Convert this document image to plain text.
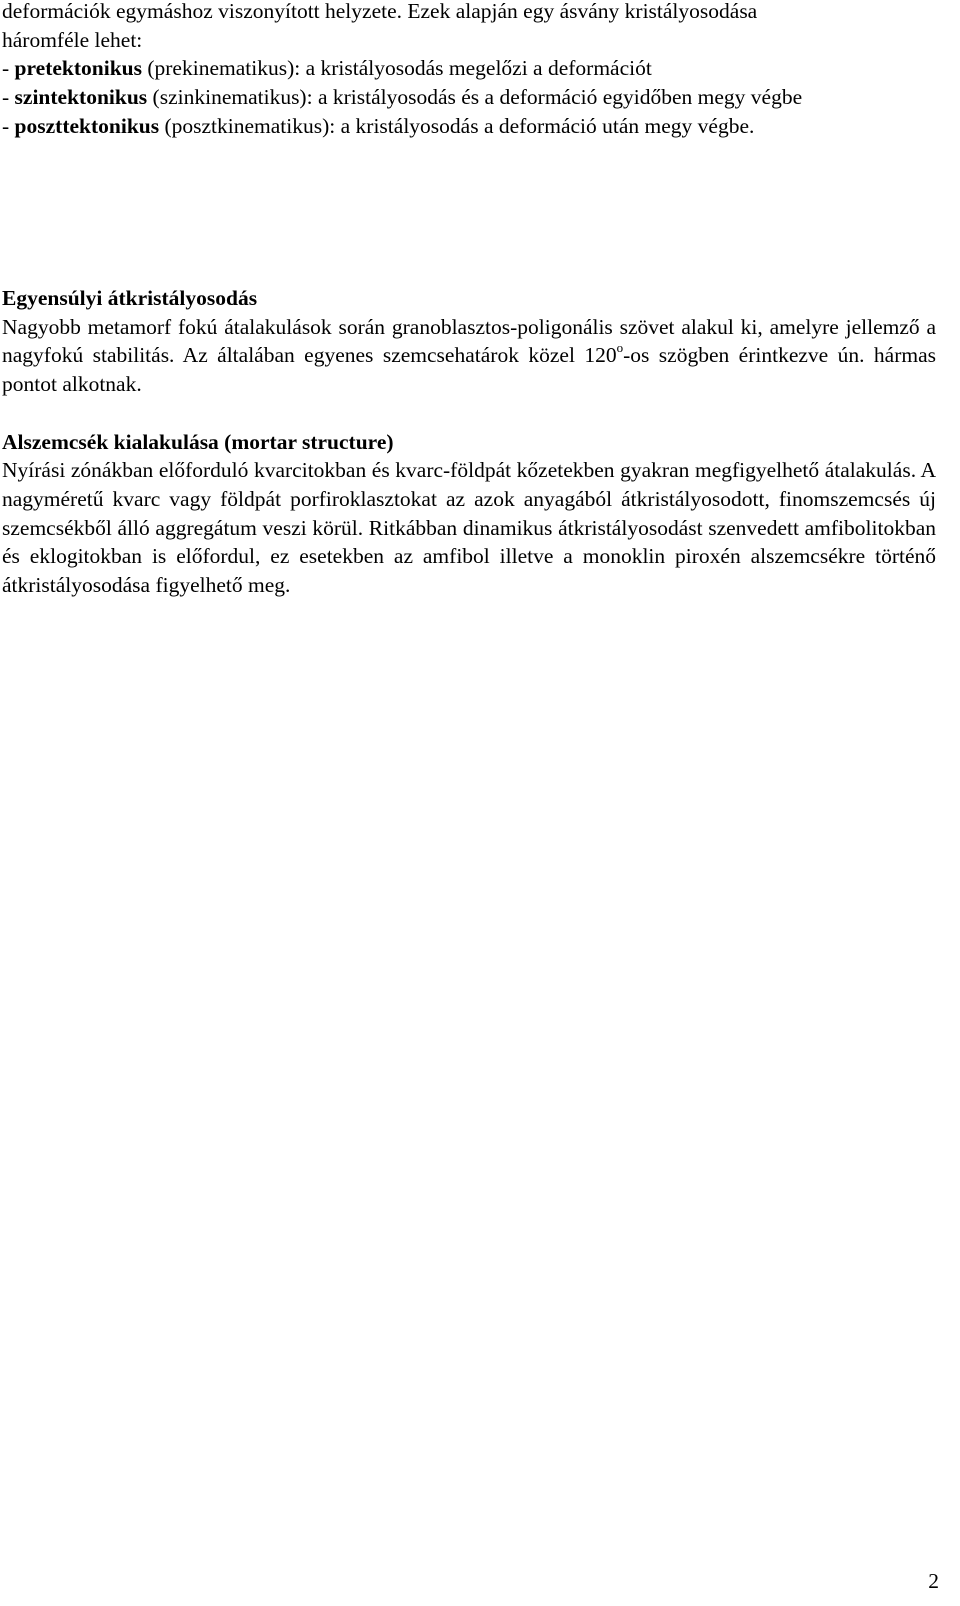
deformációk egymáshoz viszonyított helyzete. Ezek alapján egy ásvány kristályosodása
háromféle lehet:
- pretektonikus (prekinematikus): a kristályosodás megelőzi a deformációt
- szintektonikus (szinkinematikus): a kristályosodás és a deformáció egyidőben megy végbe
- poszttektonikus (posztkinematikus): a kristályosodás a deformáció után megy végbe.
Egyensúlyi átkristályosodás

Nagyobb metamorf fokú átalakulások során granoblasztos-poligonális szövet alakul ki, amelyre jellemző a nagyfokú stabilitás. Az általában egyenes szemcsehatárok közel 120$^o$-os szögben érintkezve ún. hármas pontot alkotnak.

Alszemcsék kialakulása (mortar structure)

Nyírási zónákban előforduló kvarcitokban és kvarc-földpát kőzetekben gyakran megfigyelhető átalakulás. A nagyméretű kvarc vagy földpát porfiroklasztokat az azok anyagából átkristályosodott, finomszemcsés új szemcsékből álló aggregátum veszi körül. Ritkábban dinamikus átkristályosodást szenvedett amfibolitokban és eklogitokban is előfordul, ez esetekben az amfibol illetve a monoklin piroxén alszemcsékre történő átkristályosodása figyelhető meg.

2
